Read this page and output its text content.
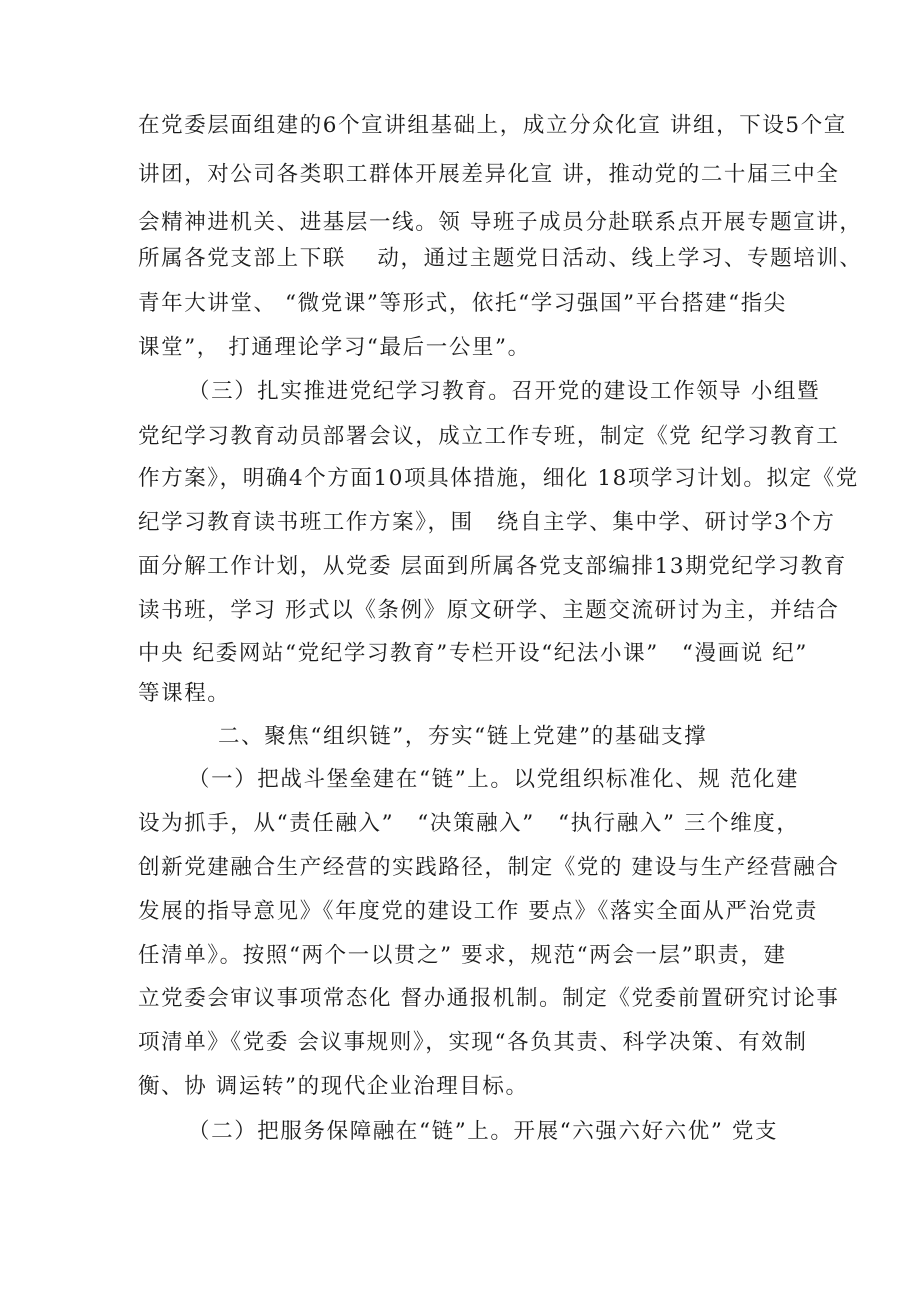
在党委层面组建的6个宣讲组基础上，成立分众化宣 讲组，下设5个宣
讲团，对公司各类职工群体开展差异化宣 讲，推动党的二十届三中全
会精神进机关、进基层一线。领 导班子成员分赴联系点开展专题宣讲，
所属各党支部上下联　 动，通过主题党日活动、线上学习、专题培训、
青年大讲堂、 “微党课”等形式，依托“学习强国”平台搭建“指尖
课堂”， 打通理论学习“最后一公里”。
（三）扎实推进党纪学习教育。召开党的建设工作领导 小组暨
党纪学习教育动员部署会议，成立工作专班，制定《党 纪学习教育工
作方案》，明确4个方面10项具体措施，细化 18项学习计划。拟定《党
纪学习教育读书班工作方案》，围　绕自主学、集中学、研讨学3个方
面分解工作计划，从党委 层面到所属各党支部编排13期党纪学习教育
读书班，学习 形式以《条例》原文研学、主题交流研讨为主，并结合
中央 纪委网站“党纪学习教育”专栏开设“纪法小课”　“漫画说 纪”
等课程。
二、聚焦“组织链”，夯实“链上党建”的基础支撑
（一）把战斗堡垒建在“链”上。以党组织标准化、规 范化建
设为抓手，从“责任融入”　“决策融入”　“执行融入” 三个维度，
创新党建融合生产经营的实践路径，制定《党的 建设与生产经营融合
发展的指导意见》《年度党的建设工作 要点》《落实全面从严治党责
任清单》。按照“两个一以贯之” 要求，规范“两会一层”职责，建
立党委会审议事项常态化 督办通报机制。制定《党委前置研究讨论事
项清单》《党委 会议事规则》，实现“各负其责、科学决策、有效制
衡、协 调运转”的现代企业治理目标。
（二）把服务保障融在“链”上。开展“六强六好六优” 党支
